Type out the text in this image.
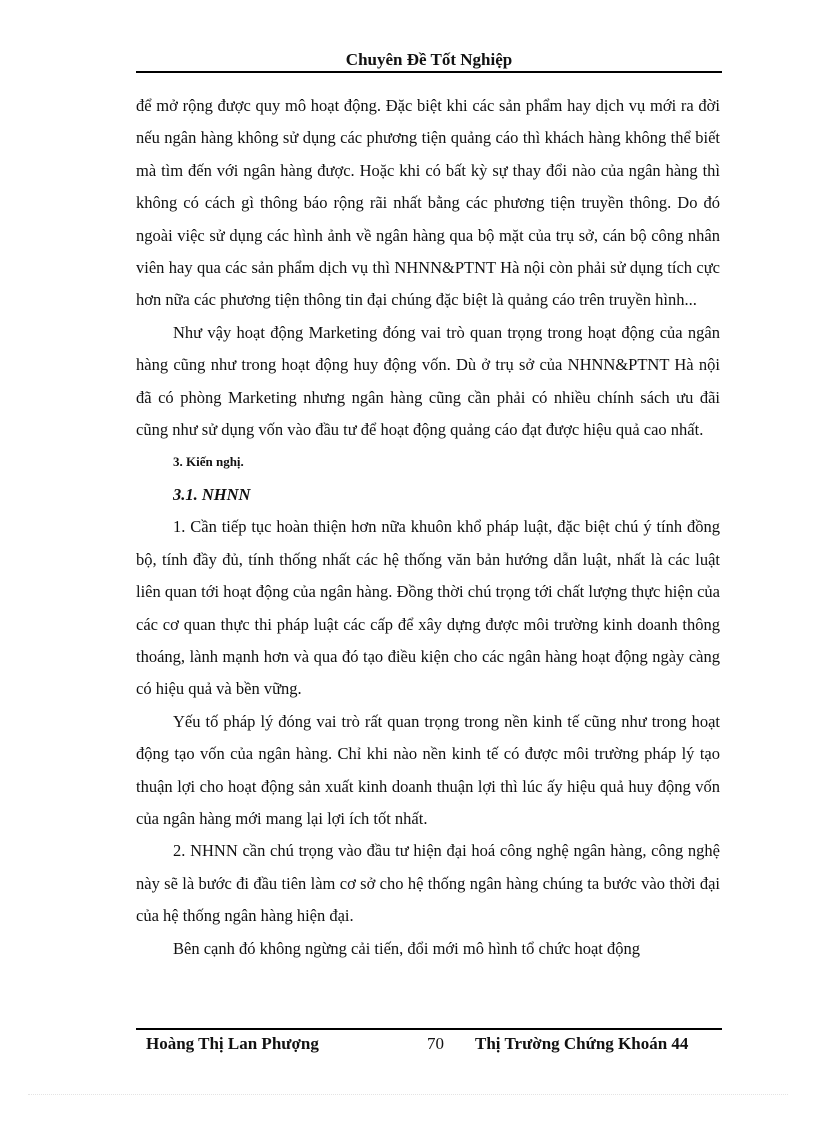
Chuyên Đề Tốt Nghiệp

để mở rộng được quy mô hoạt động. Đặc biệt khi các sản phẩm hay dịch vụ mới ra đời nếu ngân hàng không sử dụng các phương tiện quảng cáo thì khách hàng không thể biết mà tìm đến với ngân hàng được. Hoặc khi có bất kỳ sự thay đổi nào của ngân hàng thì không có cách gì thông báo rộng rãi nhất bằng các phương tiện truyền thông. Do đó ngoài việc sử dụng các hình ảnh về ngân hàng qua bộ mặt của trụ sở, cán bộ công nhân viên hay qua các sản phẩm dịch vụ thì NHNN&PTNT Hà nội còn phải sử dụng tích cực hơn nữa các phương tiện thông tin đại chúng đặc biệt là quảng cáo trên truyền hình...

Như vậy hoạt động Marketing đóng vai trò quan trọng trong hoạt động của ngân hàng cũng như trong hoạt động huy động vốn. Dù ở trụ sở của NHNN&PTNT Hà nội đã có phòng Marketing nhưng ngân hàng cũng cần phải có nhiều chính sách ưu đãi cũng như sử dụng vốn vào đầu tư để hoạt động quảng cáo đạt được hiệu quả cao nhất.

3. Kiến nghị.

3.1. NHNN

1. Cần tiếp tục hoàn thiện hơn nữa khuôn khổ pháp luật, đặc biệt chú ý tính đồng bộ, tính đầy đủ, tính thống nhất các hệ thống văn bản hướng dẫn luật, nhất là các luật liên quan tới hoạt động của ngân hàng. Đồng thời chú trọng tới chất lượng thực hiện của các cơ quan thực thi pháp luật các cấp để xây dựng được môi trường kinh doanh thông thoáng, lành mạnh hơn và qua đó tạo điều kiện cho các ngân hàng hoạt động ngày càng có hiệu quả và bền vững.

Yếu tố pháp lý đóng vai trò rất quan trọng trong nền kinh tế cũng như trong hoạt động tạo vốn của ngân hàng. Chỉ khi nào nền kinh tế có được môi trường pháp lý tạo thuận lợi cho hoạt động sản xuất kinh doanh thuận lợi thì lúc ấy hiệu quả huy động vốn của ngân hàng mới mang lại lợi ích tốt nhất.

2. NHNN cần chú trọng vào đầu tư hiện đại hoá công nghệ ngân hàng, công nghệ này sẽ là bước đi đầu tiên làm cơ sở cho hệ thống ngân hàng chúng ta bước vào thời đại của hệ thống ngân hàng hiện đại.

Bên cạnh đó không ngừng cải tiến, đổi mới mô hình tổ chức hoạt động

Hoàng Thị Lan Phượng	70 Thị Trường Chứng Khoán 44
